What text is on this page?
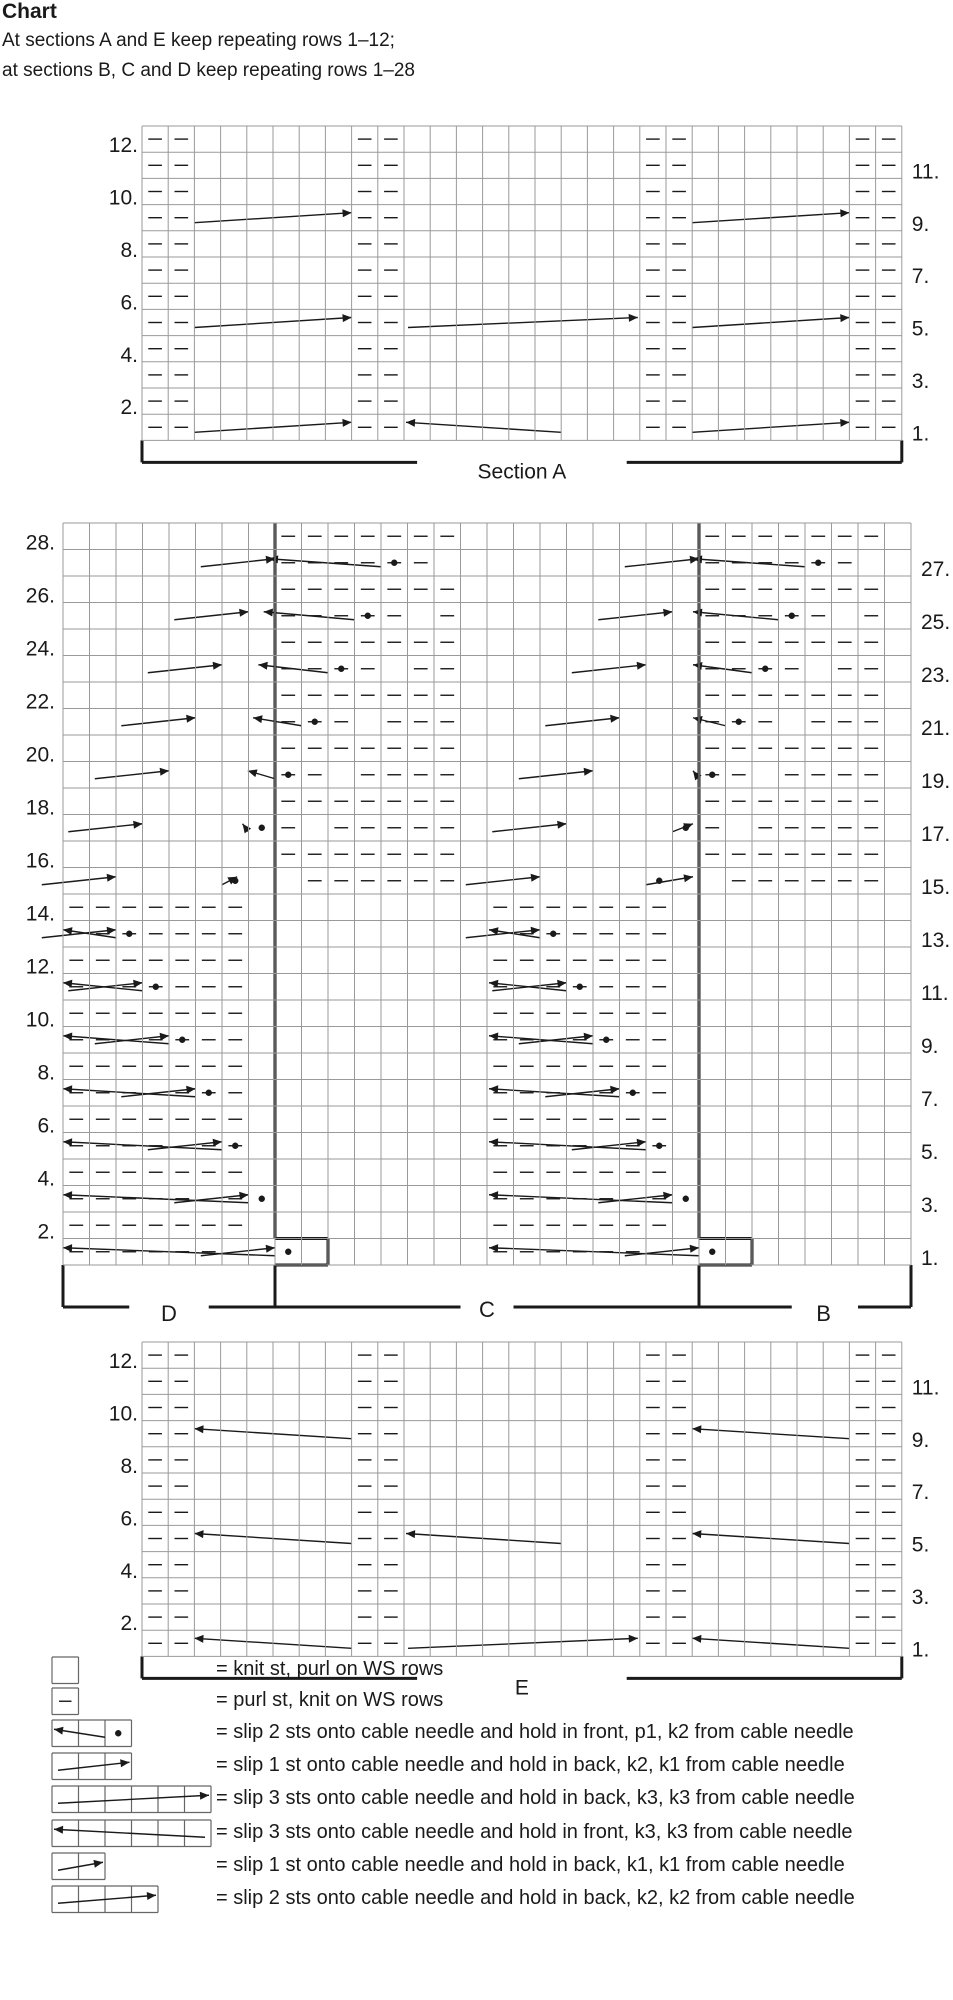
Chart
At sections A and E keep repeating rows 1–12;
at sections B, C and D keep repeating rows 1–28
12.
10.
8.
6.
4.
2.
11.
9.
7.
5.
3.
1.
Section A
12.
10.
8.
6.
4.
2.
11.
9.
7.
5.
3.
1.
E
28.
26.
24.
22.
20.
18.
16.
14.
12.
10.
8.
6.
4.
2.
27.
25.
23.
21.
19.
17.
15.
13.
11.
9.
7.
5.
3.
1.
D	C	B
= knit st, purl on WS rows
= purl st, knit on WS rows
= slip 2 sts onto cable needle and hold in front, p1, k2 from cable needle
= slip 1 st onto cable needle and hold in back, k2, k1 from cable needle
= slip 3 sts onto cable needle and hold in back, k3, k3 from cable needle
= slip 3 sts onto cable needle and hold in front, k3, k3 from cable needle
= slip 1 st onto cable needle and hold in back, k1, k1 from cable needle
= slip 2 sts onto cable needle and hold in back, k2, k2 from cable needle
